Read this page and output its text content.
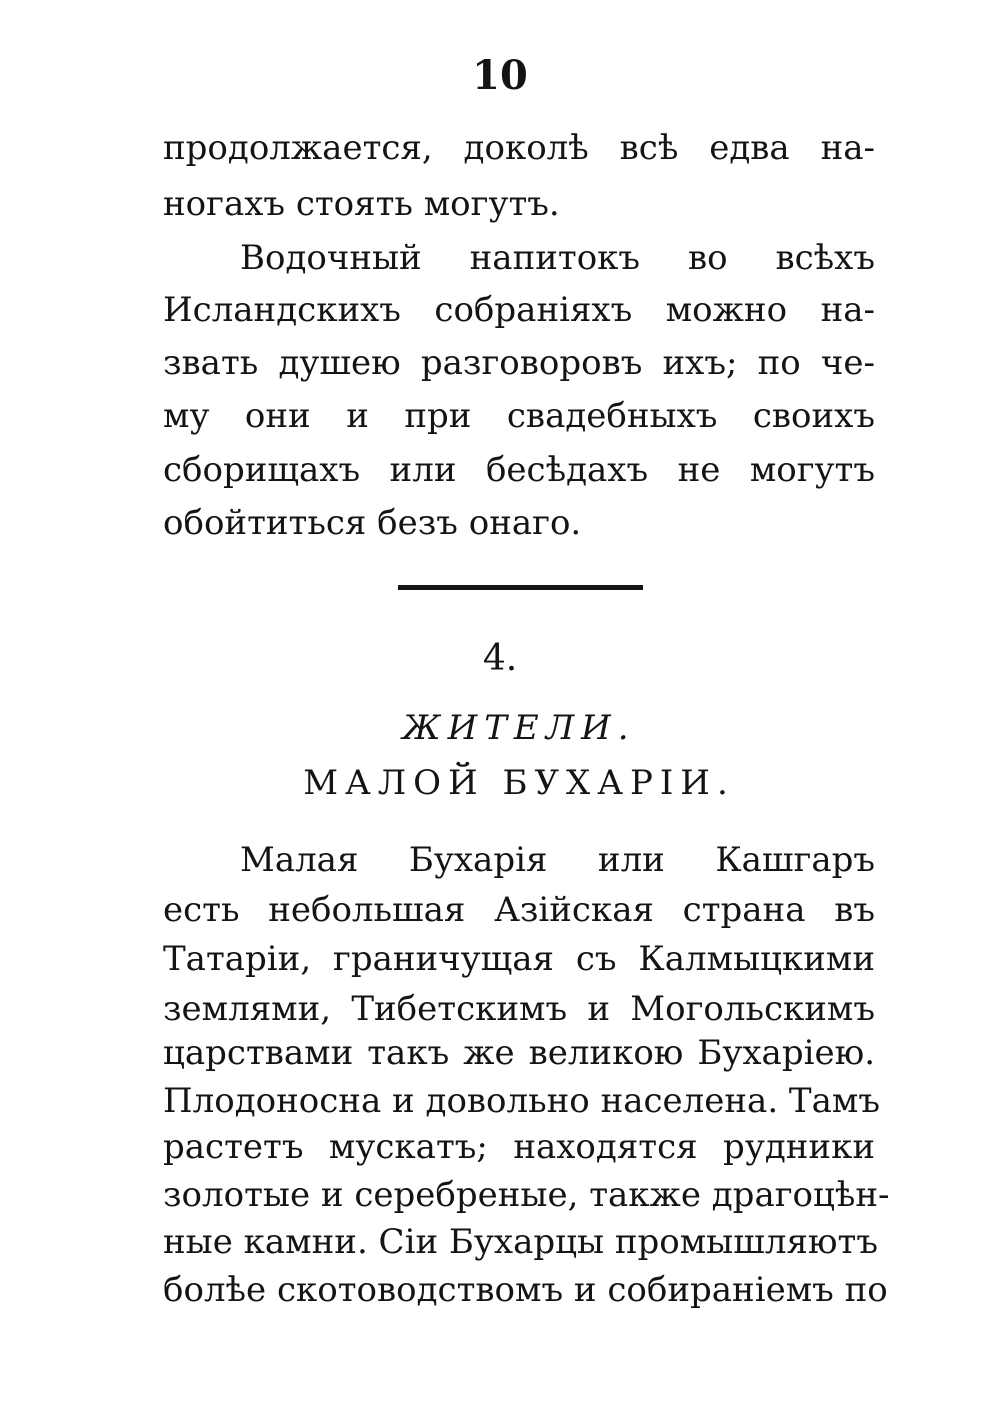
10
продолжается, доколѣ всѣ едва на-
ногахъ стоять могутъ.
Водочный напитокъ во всѣхъ
Исландскихъ собраніяхъ можно на-
звать душею разговоровъ ихъ; по че-
му они и при свадебныхъ своихъ
сборищахъ или бесѣдахъ не могутъ
обойтиться безъ онаго.
4.
ЖИТЕЛИ.
МАЛОЙ БУХАРІИ.
Малая Бухарія или Кашгаръ
есть небольшая Азійская страна въ
Татаріи, граничущая съ Калмыцкими
землями, Тибетскимъ и Могольскимъ
царствами такъ же великою Бухаріею.
Плодоносна и довольно населена. Тамъ
растетъ мускатъ; находятся рудники
золотые и серебреные, также драгоцѣн-
ные камни. Сіи Бухарцы промышляютъ
болѣе скотоводствомъ и собираніемъ по
